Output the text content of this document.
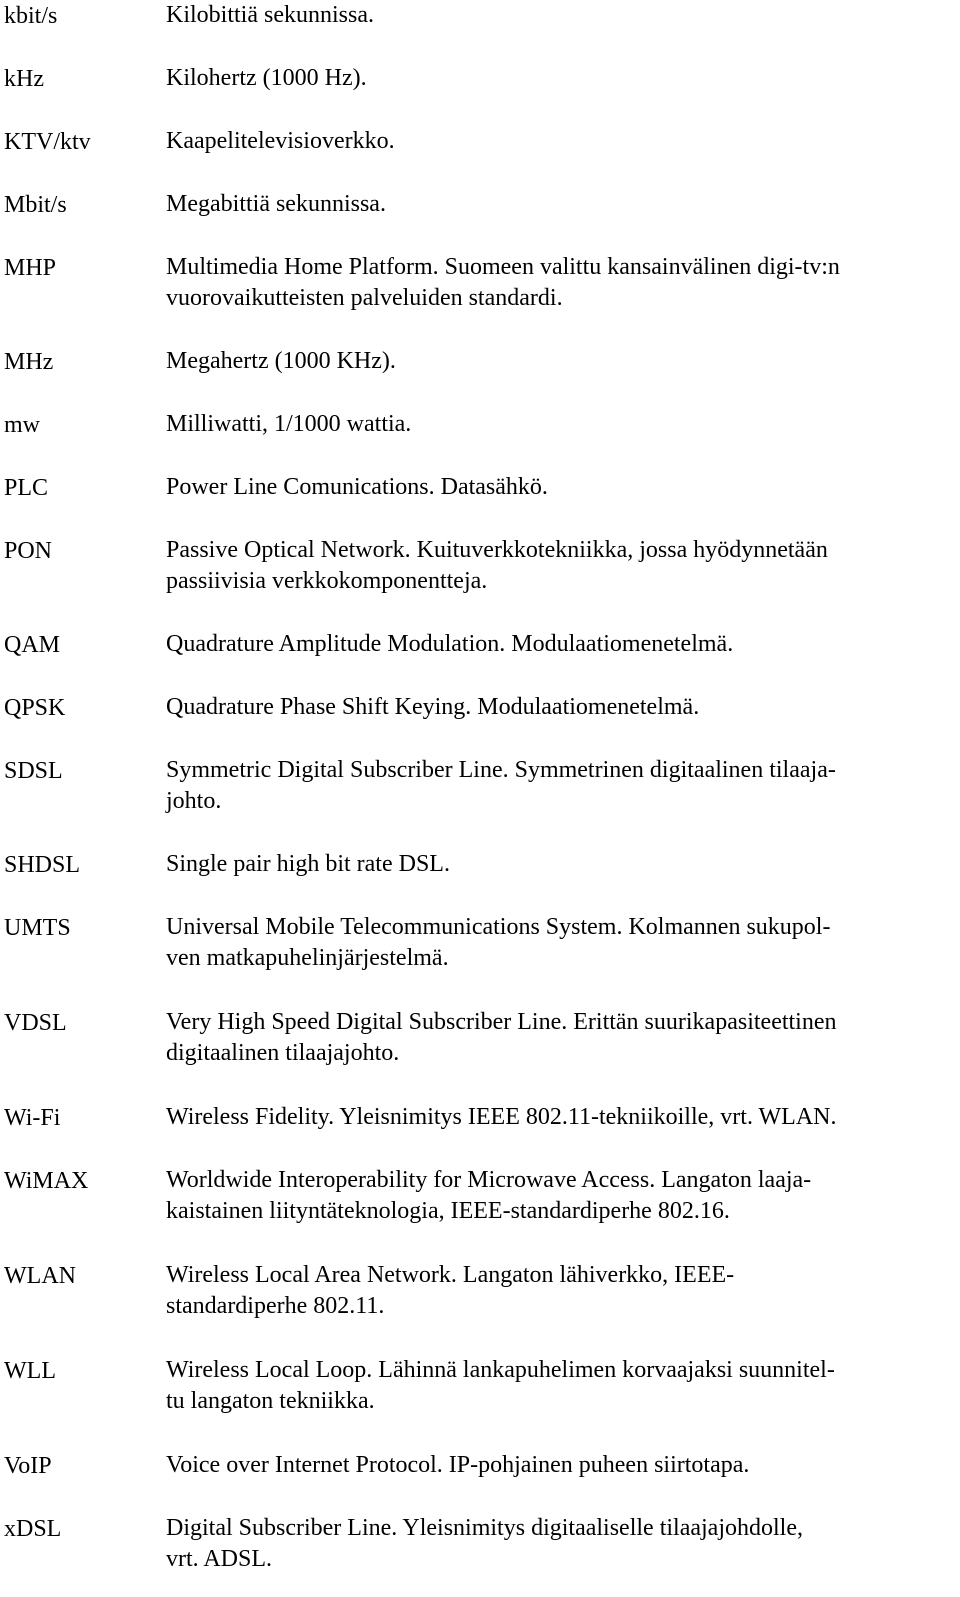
kbit/s	Kilobittiä sekunnissa.
kHz	Kilohertz (1000 Hz).
KTV/ktv	Kaapelitelevisioverkko.
Mbit/s	Megabittiä sekunnissa.
MHP	Multimedia Home Platform. Suomeen valittu kansainvälinen digi-tv:n
vuorovaikutteisten palveluiden standardi.
MHz	Megahertz (1000 KHz).
mw	Milliwatti, 1/1000 wattia.
PLC	Power Line Comunications. Datasähkö.
PON	Passive Optical Network. Kuituverkkotekniikka, jossa hyödynnetään
passiivisia verkkokomponentteja.
QAM	Quadrature Amplitude Modulation. Modulaatiomenetelmä.
QPSK	Quadrature Phase Shift Keying. Modulaatiomenetelmä.
SDSL	Symmetric Digital Subscriber Line. Symmetrinen digitaalinen tilaaja-
johto.
SHDSL	Single pair high bit rate DSL.
UMTS	Universal Mobile Telecommunications System. Kolmannen sukupol-
ven matkapuhelinjärjestelmä.
VDSL	Very High Speed Digital Subscriber Line. Erittän suurikapasiteettinen
digitaalinen tilaajajohto.
Wi-Fi	Wireless Fidelity. Yleisnimitys IEEE 802.11-tekniikoille, vrt. WLAN.
WiMAX	Worldwide Interoperability for Microwave Access. Langaton laaja-
kaistainen liityntäteknologia, IEEE-standardiperhe 802.16.
WLAN	Wireless Local Area Network. Langaton lähiverkko, IEEE-
standardiperhe 802.11.
WLL	Wireless Local Loop. Lähinnä lankapuhelimen korvaajaksi suunnitel-
tu langaton tekniikka.
VoIP	Voice over Internet Protocol. IP-pohjainen puheen siirtotapa.
xDSL	Digital Subscriber Line. Yleisnimitys digitaaliselle tilaajajohdolle,
vrt. ADSL.
